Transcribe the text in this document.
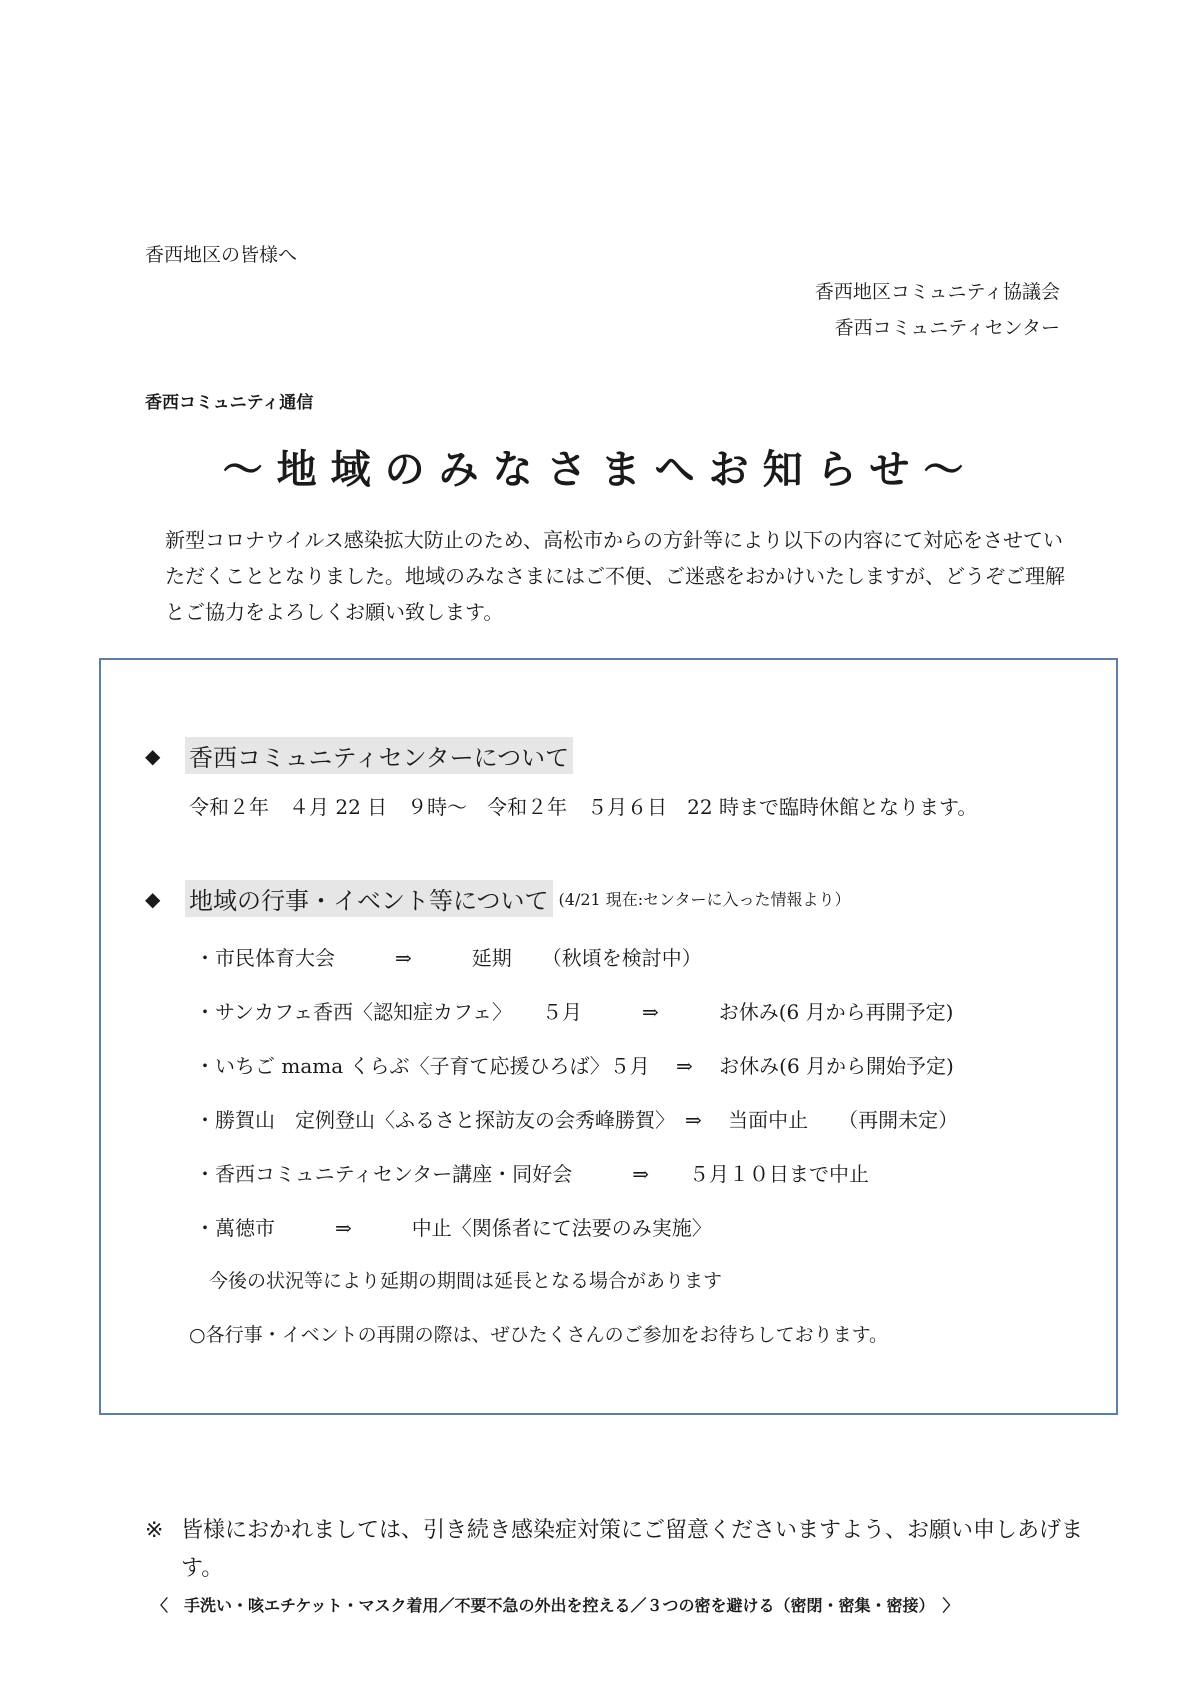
香西地区の皆様へ
香西地区コミュニティ協議会
香西コミュニティセンター
香西コミュニティ通信
～地域のみなさまへお知らせ～
新型コロナウイルス感染拡大防止のため、高松市からの方針等により以下の内容にて対応をさせていただくこととなりました。地域のみなさまにはご不便、ご迷惑をおかけいたしますが、どうぞご理解とご協力をよろしくお願い致します。
◆	香西コミュニティセンターについて
令和２年　４月 22 日　９時～　令和２年　５月６日　22 時まで臨時休館となります。
◆	地域の行事・イベント等について (4/21 現在:センターに入った情報より）
・市民体育大会　　　⇒　　　延期　　（秋頃を検討中）
・サンカフェ香西〈認知症カフェ〉　　５月　　　⇒　　　お休み(6 月から再開予定)
・いちご mama くらぶ〈子育て応援ひろば〉５月　 ⇒　 お休み(6 月から開始予定)
・勝賀山　定例登山〈ふるさと探訪友の会秀峰勝賀〉　⇒　 当面中止　　（再開未定）
・香西コミュニティセンター講座・同好会　　　⇒　　５月１０日まで中止
・萬徳市　　　⇒　　　中止〈関係者にて法要のみ実施〉
今後の状況等により延期の期間は延長となる場合があります
○各行事・イベントの再開の際は、ぜひたくさんのご参加をお待ちしております。
※ 皆様におかれましては、引き続き感染症対策にご留意くださいますよう、お願い申しあげます。
〈　手洗い・咳エチケット・マスク着用／不要不急の外出を控える／３つの密を避ける（密閉・密集・密接）　〉
